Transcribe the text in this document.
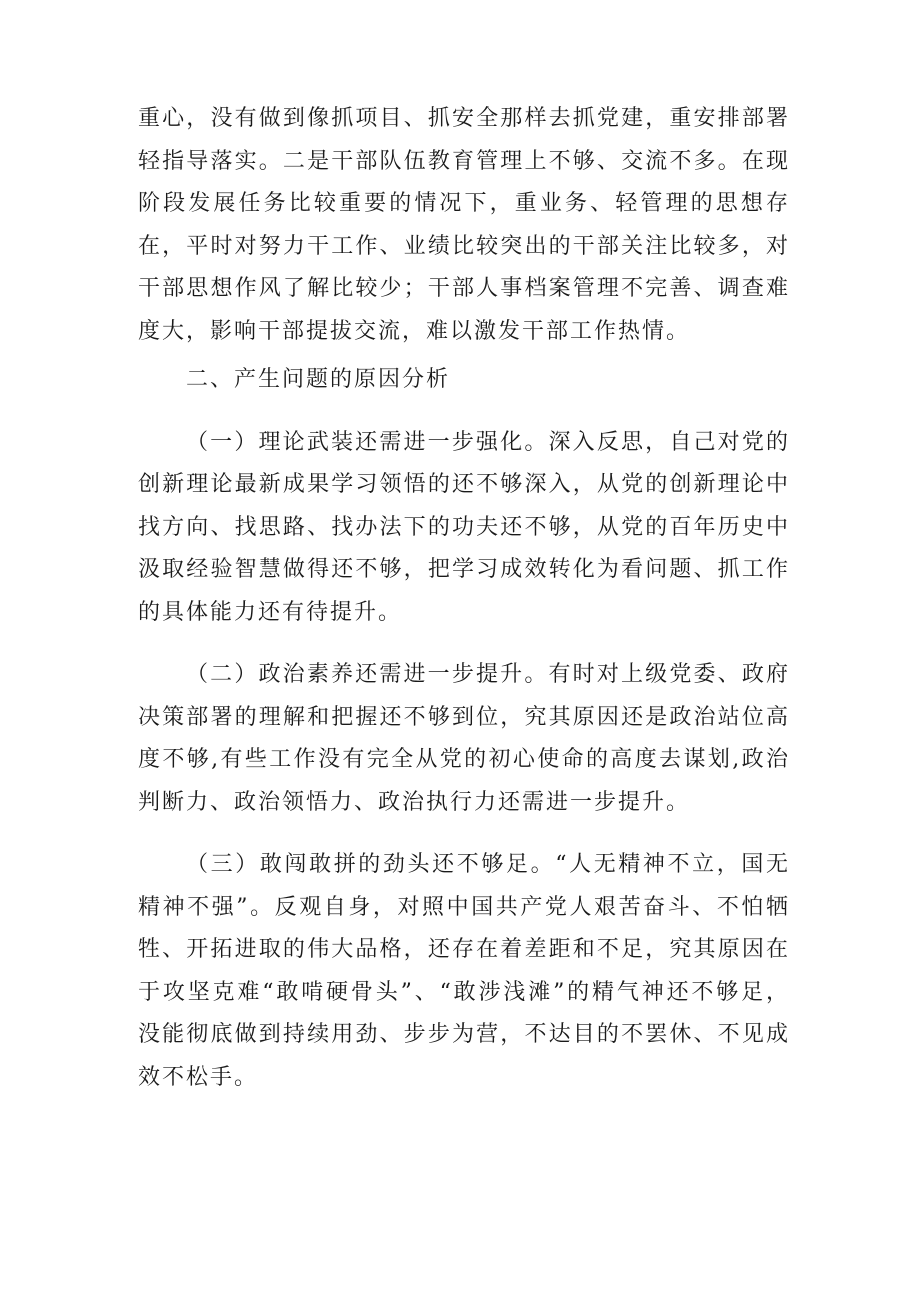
重心，没有做到像抓项目、抓安全那样去抓党建，重安排部署轻指导落实。二是干部队伍教育管理上不够、交流不多。在现阶段发展任务比较重要的情况下，重业务、轻管理的思想存在，平时对努力干工作、业绩比较突出的干部关注比较多，对干部思想作风了解比较少；干部人事档案管理不完善、调查难度大，影响干部提拔交流，难以激发干部工作热情。

二、产生问题的原因分析

（一）理论武装还需进一步强化。深入反思，自己对党的创新理论最新成果学习领悟的还不够深入，从党的创新理论中找方向、找思路、找办法下的功夫还不够，从党的百年历史中汲取经验智慧做得还不够，把学习成效转化为看问题、抓工作的具体能力还有待提升。

（二）政治素养还需进一步提升。有时对上级党委、政府决策部署的理解和把握还不够到位，究其原因还是政治站位高度不够,有些工作没有完全从党的初心使命的高度去谋划,政治判断力、政治领悟力、政治执行力还需进一步提升。

（三）敢闯敢拼的劲头还不够足。“人无精神不立，国无精神不强”。反观自身，对照中国共产党人艰苦奋斗、不怕牺牲、开拓进取的伟大品格，还存在着差距和不足，究其原因在于攻坚克难“敢啃硬骨头”、“敢涉浅滩”的精气神还不够足，没能彻底做到持续用劲、步步为营，不达目的不罢休、不见成效不松手。
